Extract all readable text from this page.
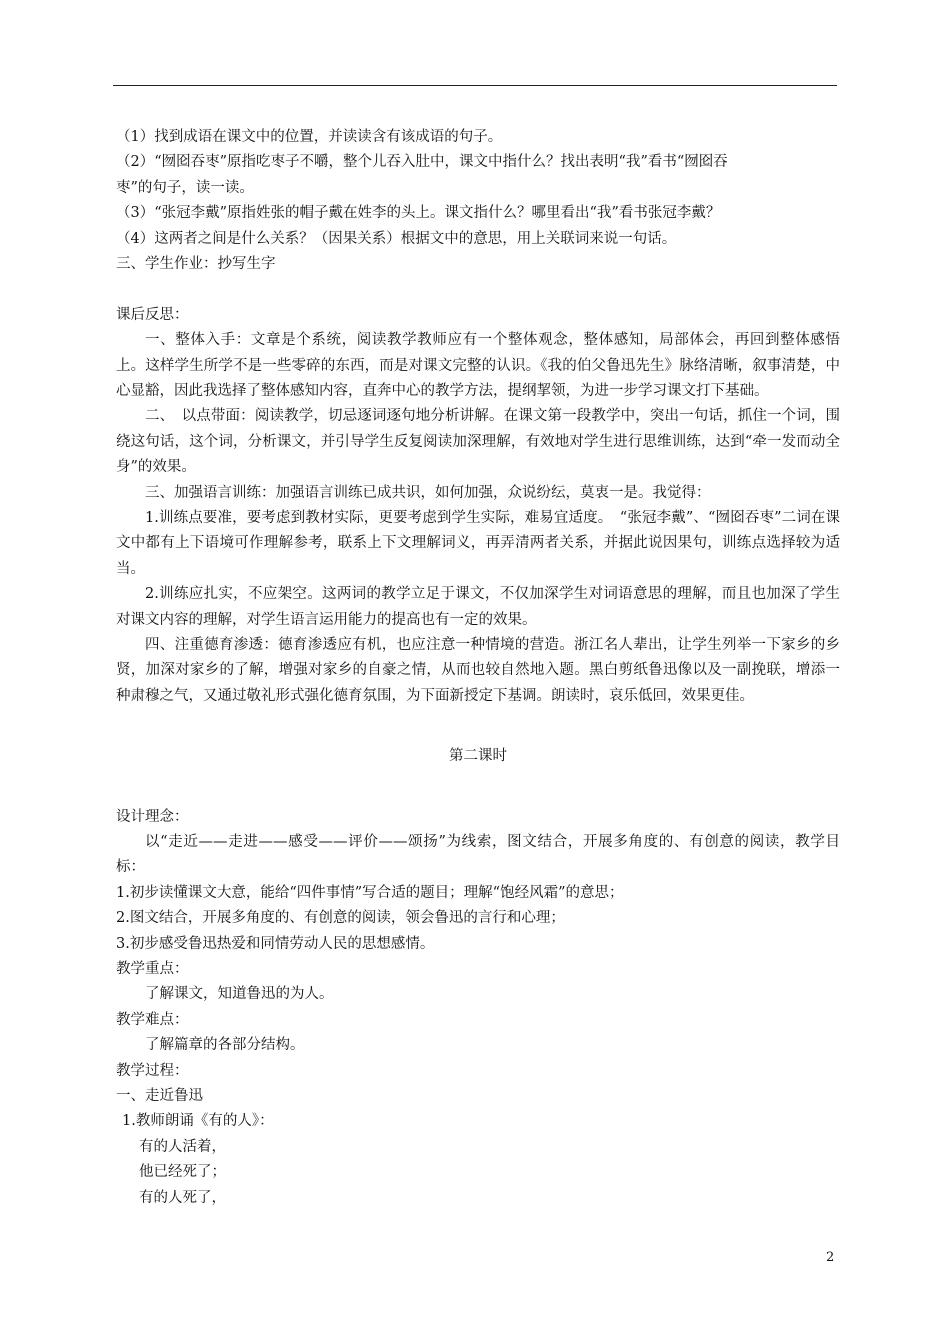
（1）找到成语在课文中的位置，并读读含有该成语的句子。
（2）“囫囵吞枣”原指吃枣子不嚼，整个儿吞入肚中，课文中指什么？找出表明“我”看书“囫囵吞
枣”的句子，读一读。
（3）“张冠李戴”原指姓张的帽子戴在姓李的头上。课文指什么？哪里看出“我”看书张冠李戴？
（4）这两者之间是什么关系？（因果关系）根据文中的意思，用上关联词来说一句话。
三、学生作业：抄写生字
课后反思：
一、整体入手：文章是个系统，阅读教学教师应有一个整体观念，整体感知，局部体会，再回到整体感悟上。这样学生所学不是一些零碎的东西，而是对课文完整的认识。《我的伯父鲁迅先生》脉络清晰，叙事清楚，中心显豁，因此我选择了整体感知内容，直奔中心的教学方法，提纲挈领，为进一步学习课文打下基础。
二、　以点带面：阅读教学，切忌逐词逐句地分析讲解。在课文第一段教学中，突出一句话，抓住一个词，围绕这句话，这个词，分析课文，并引导学生反复阅读加深理解，有效地对学生进行思维训练，达到“牵一发而动全身”的效果。
三、加强语言训练：加强语言训练已成共识，如何加强，众说纷纭，莫衷一是。我觉得：
1.训练点要准，要考虑到教材实际，更要考虑到学生实际，难易宜适度。　“张冠李戴”、“囫囵吞枣”二词在课文中都有上下语境可作理解参考，联系上下文理解词义，再弄清两者关系，并据此说因果句，训练点选择较为适当。
2.训练应扎实，不应架空。这两词的教学立足于课文，不仅加深学生对词语意思的理解，而且也加深了学生对课文内容的理解，对学生语言运用能力的提高也有一定的效果。
四、注重德育渗透：德育渗透应有机，也应注意一种情境的营造。浙江名人辈出，让学生列举一下家乡的乡贤，加深对家乡的了解，增强对家乡的自豪之情，从而也较自然地入题。黑白剪纸鲁迅像以及一副挽联，增添一种肃穆之气，又通过敬礼形式强化德育氛围，为下面新授定下基调。朗读时，哀乐低回，效果更佳。
第二课时
设计理念：
以“走近——走进——感受——评价——颂扬”为线索，图文结合，开展多角度的、有创意的阅读，教学目标：
1.初步读懂课文大意，能给“四件事情”写合适的题目；理解“饱经风霜”的意思；
2.图文结合，开展多角度的、有创意的阅读，领会鲁迅的言行和心理；
3.初步感受鲁迅热爱和同情劳动人民的思想感情。
教学重点：
了解课文，知道鲁迅的为人。
教学难点：
了解篇章的各部分结构。
教学过程：
一、走近鲁迅
1.教师朗诵《有的人》：
有的人活着，
他已经死了；
有的人死了，
2
